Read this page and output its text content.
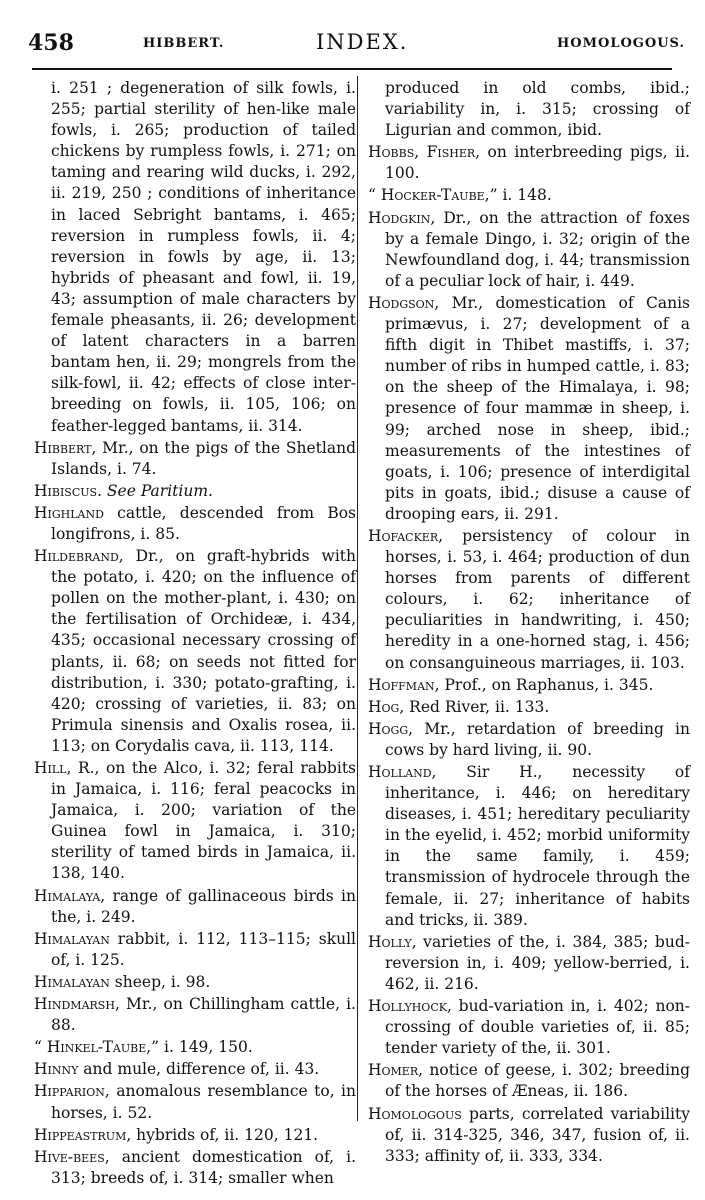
458	HIBBERT.	INDEX.	HOMOLOGOUS.

i. 251 ; degeneration of silk fowls, i. 255; partial sterility of hen-like male fowls, i. 265; production of tailed chickens by rumpless fowls, i. 271; on taming and rearing wild ducks, i. 292, ii. 219, 250 ; conditions of inheritance in laced Sebright bantams, i. 465; reversion in rumpless fowls, ii. 4; reversion in fowls by age, ii. 13; hybrids of pheasant and fowl, ii. 19, 43; assumption of male characters by female pheasants, ii. 26; development of latent characters in a barren bantam hen, ii. 29; mongrels from the silk-fowl, ii. 42; effects of close inter-breeding on fowls, ii. 105, 106; on feather-legged bantams, ii. 314.

Hibbert, Mr., on the pigs of the Shetland Islands, i. 74.

Hibiscus. See Paritium.

Highland cattle, descended from Bos longifrons, i. 85.

Hildebrand, Dr., on graft-hybrids with the potato, i. 420; on the influence of pollen on the mother-plant, i. 430; on the fertilisation of Orchideæ, i. 434, 435; occasional necessary crossing of plants, ii. 68; on seeds not fitted for distribution, i. 330; potato-grafting, i. 420; crossing of varieties, ii. 83; on Primula sinensis and Oxalis rosea, ii. 113; on Corydalis cava, ii. 113, 114.

Hill, R., on the Alco, i. 32; feral rabbits in Jamaica, i. 116; feral peacocks in Jamaica, i. 200; variation of the Guinea fowl in Jamaica, i. 310; sterility of tamed birds in Jamaica, ii. 138, 140.

Himalaya, range of gallinaceous birds in the, i. 249.

Himalayan rabbit, i. 112, 113–115; skull of, i. 125.

Himalayan sheep, i. 98.

Hindmarsh, Mr., on Chillingham cattle, i. 88.

“ Hinkel-Taube,” i. 149, 150.

Hinny and mule, difference of, ii. 43.

Hipparion, anomalous resemblance to, in horses, i. 52.

Hippeastrum, hybrids of, ii. 120, 121.

Hive-bees, ancient domestication of, i. 313; breeds of, i. 314; smaller when

produced in old combs, ibid.; variability in, i. 315; crossing of Ligurian and common, ibid.

Hobbs, Fisher, on interbreeding pigs, ii. 100.

“ Hocker-Taube,” i. 148.

Hodgkin, Dr., on the attraction of foxes by a female Dingo, i. 32; origin of the Newfoundland dog, i. 44; transmission of a peculiar lock of hair, i. 449.

Hodgson, Mr., domestication of Canis primævus, i. 27; development of a fifth digit in Thibet mastiffs, i. 37; number of ribs in humped cattle, i. 83; on the sheep of the Himalaya, i. 98; presence of four mammæ in sheep, i. 99; arched nose in sheep, ibid.; measurements of the intestines of goats, i. 106; presence of interdigital pits in goats, ibid.; disuse a cause of drooping ears, ii. 291.

Hofacker, persistency of colour in horses, i. 53, i. 464; production of dun horses from parents of different colours, i. 62; inheritance of peculiarities in handwriting, i. 450; heredity in a one-horned stag, i. 456; on consanguineous marriages, ii. 103.

Hoffman, Prof., on Raphanus, i. 345.

Hog, Red River, ii. 133.

Hogg, Mr., retardation of breeding in cows by hard living, ii. 90.

Holland, Sir H., necessity of inheritance, i. 446; on hereditary diseases, i. 451; hereditary peculiarity in the eyelid, i. 452; morbid uniformity in the same family, i. 459; transmission of hydrocele through the female, ii. 27; inheritance of habits and tricks, ii. 389.

Holly, varieties of the, i. 384, 385; bud-reversion in, i. 409; yellow-berried, i. 462, ii. 216.

Hollyhock, bud-variation in, i. 402; non-crossing of double varieties of, ii. 85; tender variety of the, ii. 301.

Homer, notice of geese, i. 302; breeding of the horses of Æneas, ii. 186.

Homologous parts, correlated variability of, ii. 314-325, 346, 347, fusion of, ii. 333; affinity of, ii. 333, 334.
